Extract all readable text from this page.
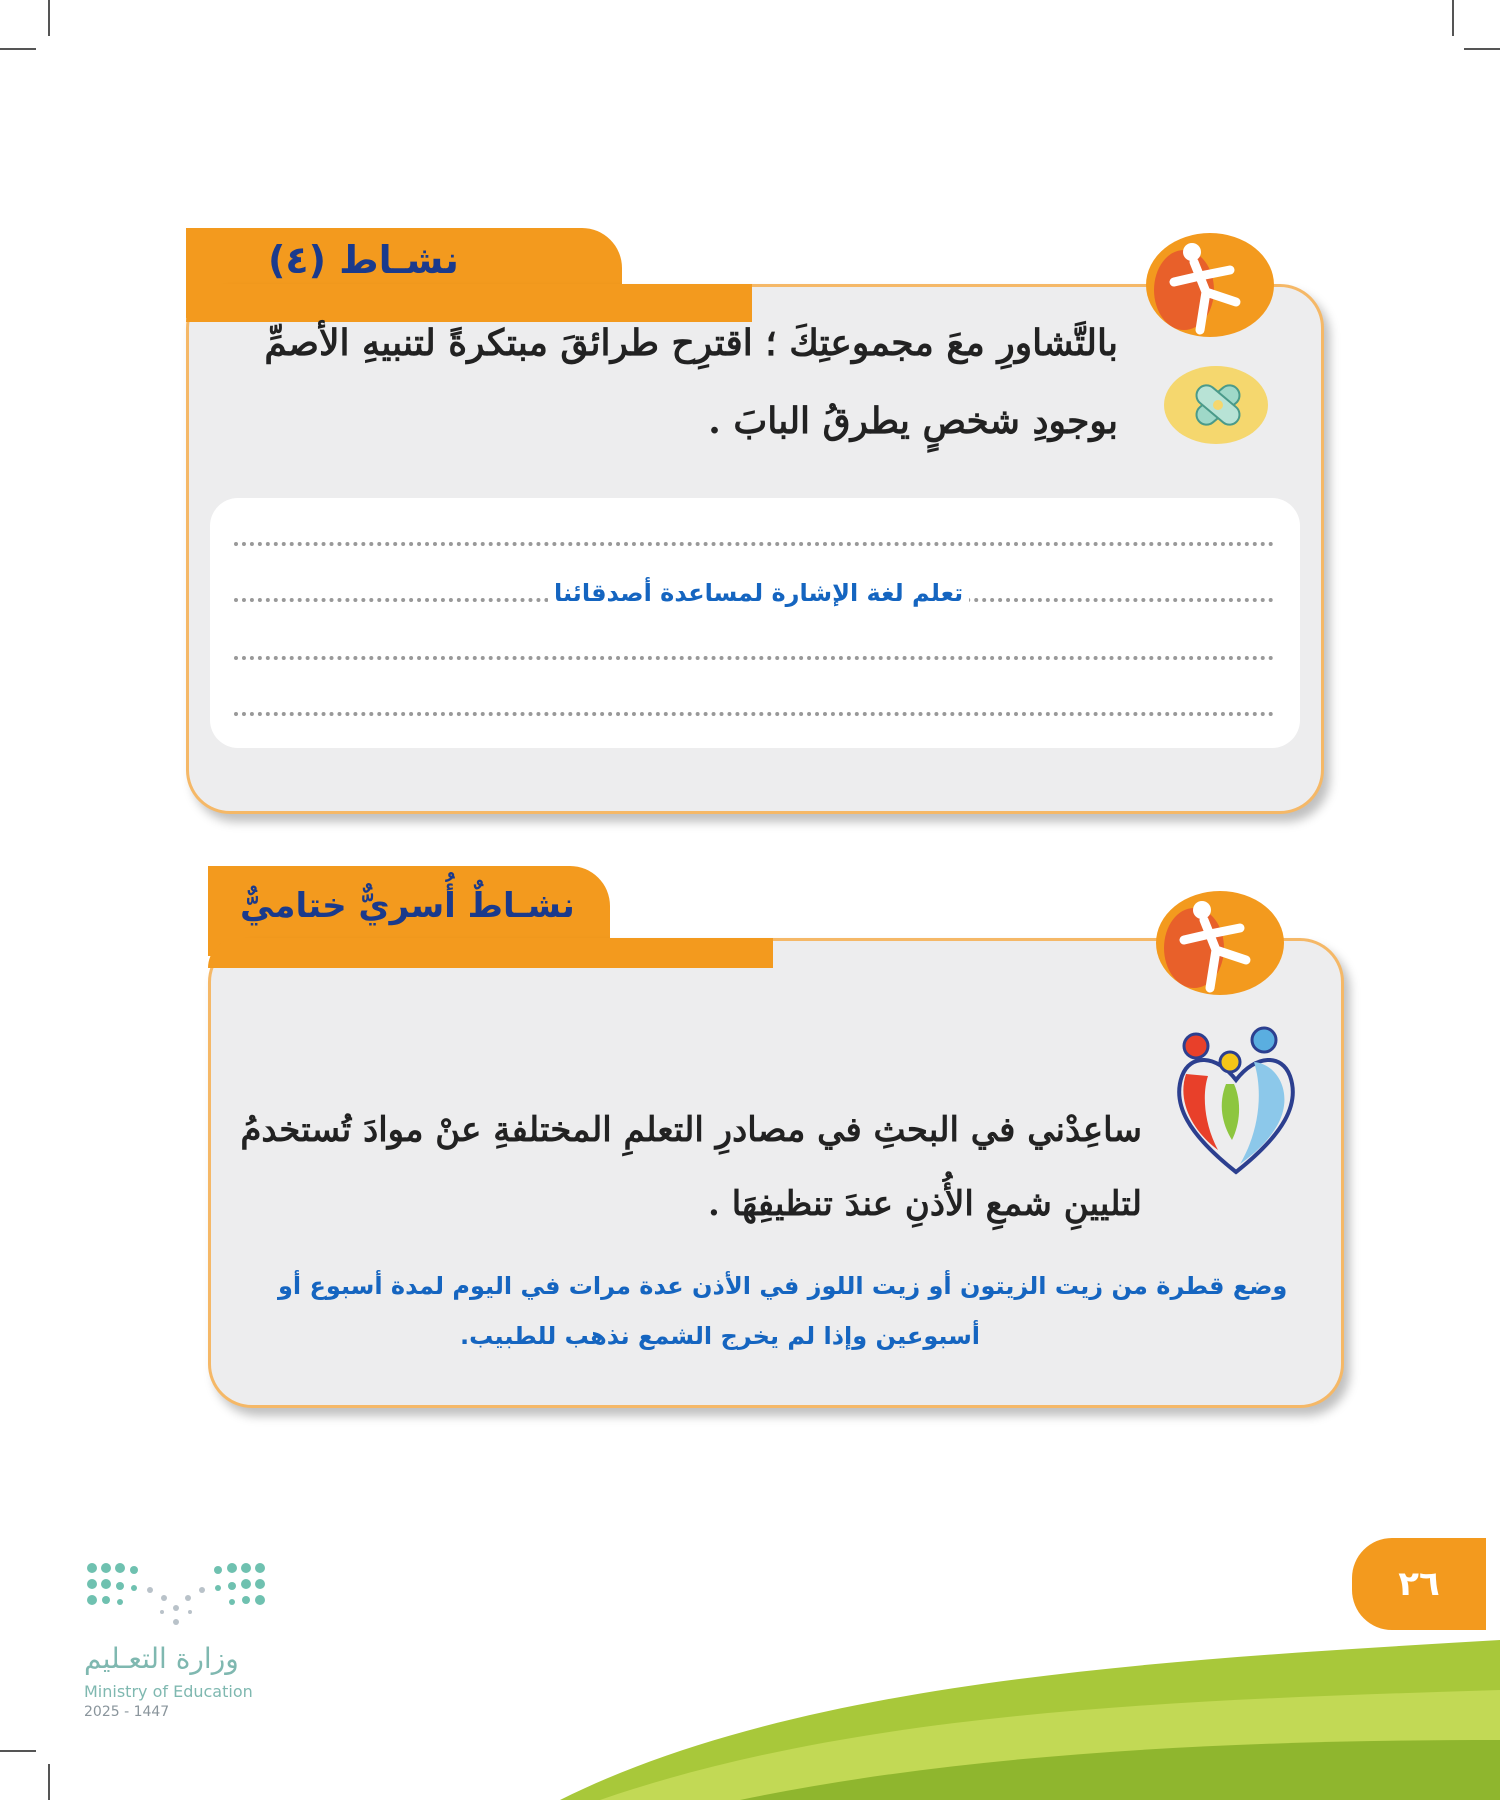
نشـاط (٤)
بالتَّشاورِ معَ مجموعتِكَ ؛ اقترِح طرائقَ مبتكرةً لتنبيهِ الأصمِّ
بوجودِ شخصٍ يطرقُ البابَ .
تعلم لغة الإشارة لمساعدة أصدقائنا
نشـاطٌ أُسريٌّ ختاميٌّ
ساعِدْني في البحثِ في مصادرِ التعلمِ المختلفةِ عنْ موادَ تُستخدمُ
لتليينِ شمعِ الأُذنِ عندَ تنظيفِهَا .
وضع قطرة من زيت الزيتون أو زيت اللوز في الأذن عدة مرات في اليوم لمدة أسبوع أو
أسبوعين وإذا لم يخرج الشمع نذهب للطبيب.
٢٦
وزارة التعـليم
Ministry of Education
2025 - 1447
